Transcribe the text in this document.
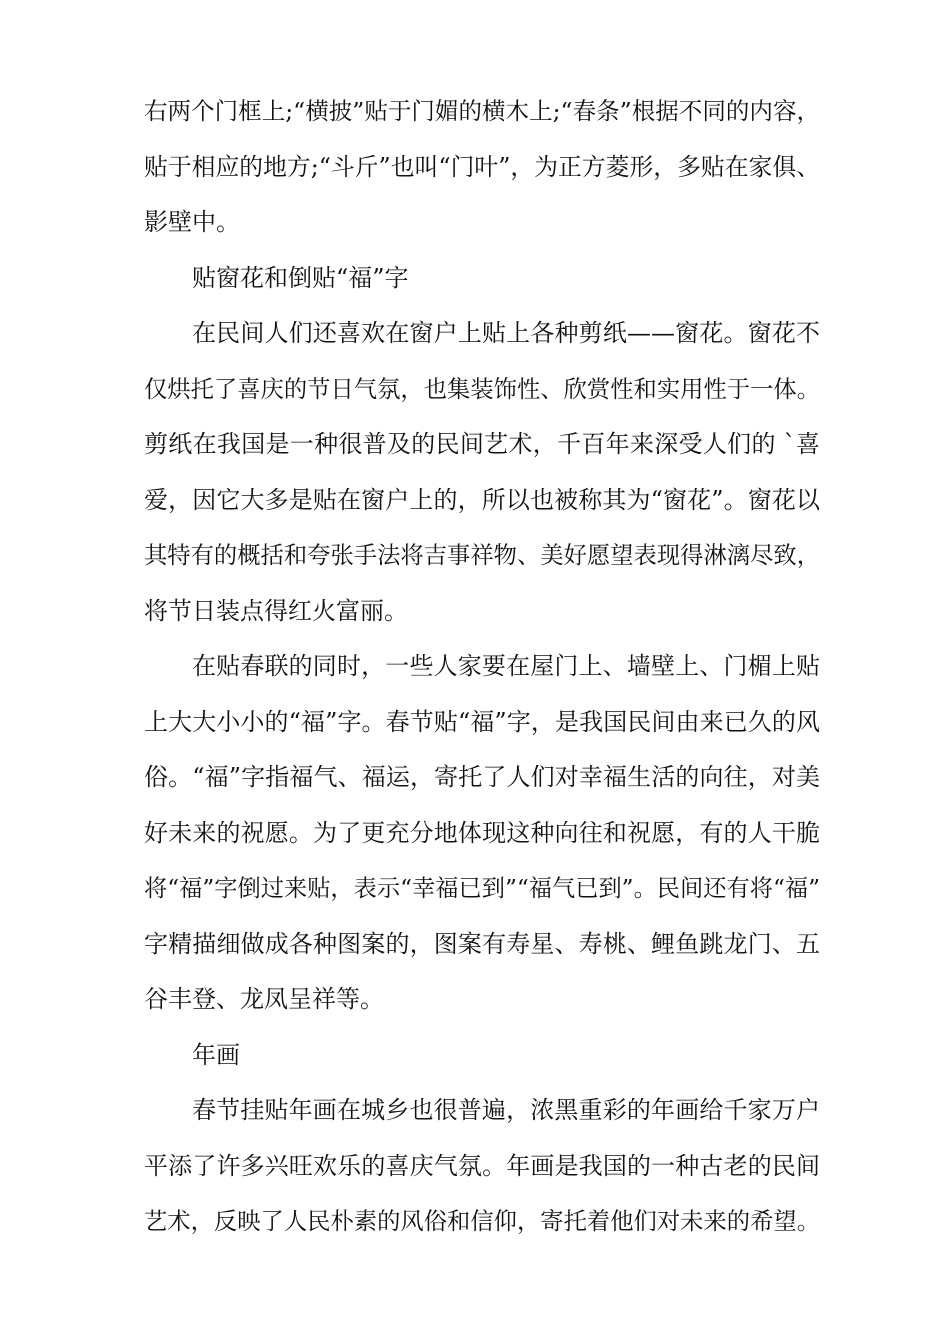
右两个门框上;“横披”贴于门媚的横木上;“春条”根据不同的内容，
贴于相应的地方;“斗斤”也叫“门叶”，为正方菱形，多贴在家俱、
影壁中。
贴窗花和倒贴“福”字
在民间人们还喜欢在窗户上贴上各种剪纸——窗花。窗花不
仅烘托了喜庆的节日气氛，也集装饰性、欣赏性和实用性于一体。
剪纸在我国是一种很普及的民间艺术，千百年来深受人们的 `喜
爱，因它大多是贴在窗户上的，所以也被称其为“窗花”。窗花以
其特有的概括和夸张手法将吉事祥物、美好愿望表现得淋漓尽致，
将节日装点得红火富丽。
在贴春联的同时，一些人家要在屋门上、墙壁上、门楣上贴
上大大小小的“福”字。春节贴“福”字，是我国民间由来已久的风
俗。“福”字指福气、福运，寄托了人们对幸福生活的向往，对美
好未来的祝愿。为了更充分地体现这种向往和祝愿，有的人干脆
将“福”字倒过来贴，表示“幸福已到”“福气已到”。民间还有将“福”
字精描细做成各种图案的，图案有寿星、寿桃、鲤鱼跳龙门、五
谷丰登、龙凤呈祥等。
年画
春节挂贴年画在城乡也很普遍，浓黑重彩的年画给千家万户
平添了许多兴旺欢乐的喜庆气氛。年画是我国的一种古老的民间
艺术，反映了人民朴素的风俗和信仰，寄托着他们对未来的希望。
